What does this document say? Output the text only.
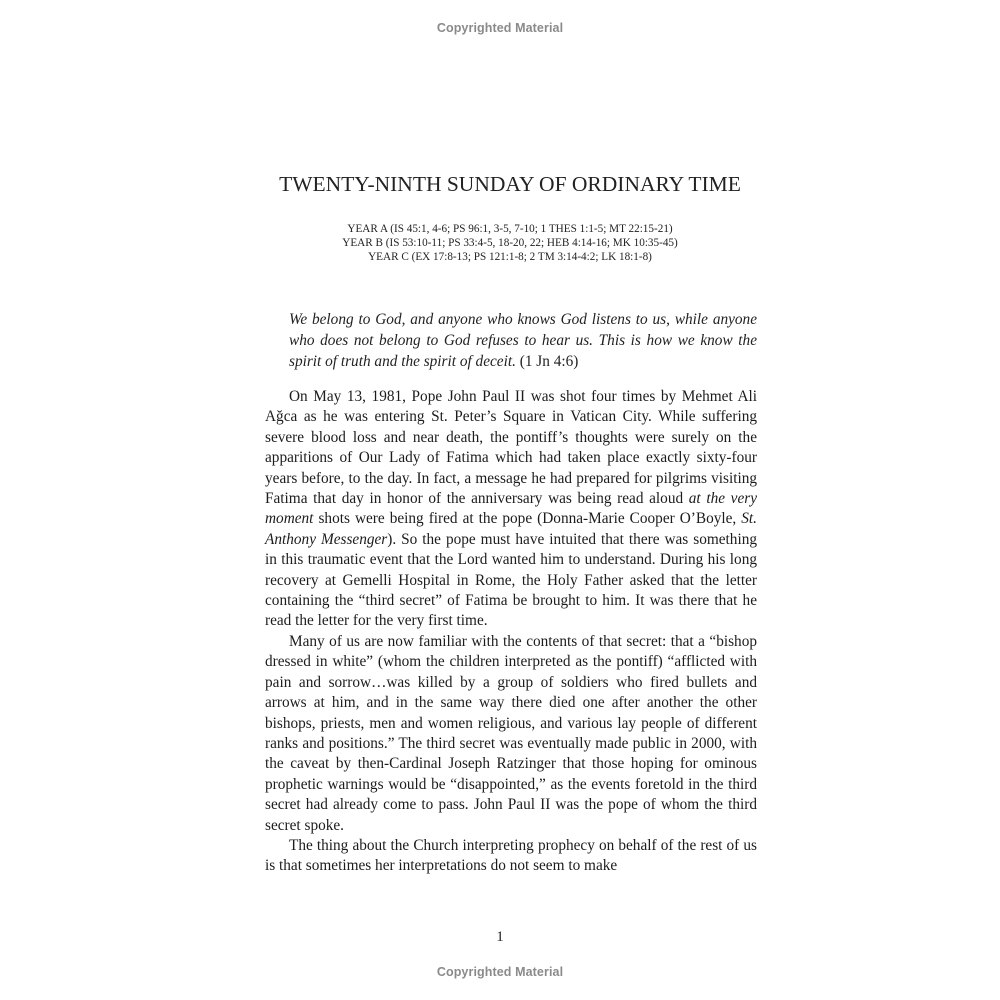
Copyrighted Material
TWENTY-NINTH SUNDAY OF ORDINARY TIME
YEAR A (IS 45:1, 4-6; PS 96:1, 3-5, 7-10; 1 THES 1:1-5; MT 22:15-21)
YEAR B (IS 53:10-11; PS 33:4-5, 18-20, 22; HEB 4:14-16; MK 10:35-45)
YEAR C (EX 17:8-13; PS 121:1-8; 2 TM 3:14-4:2; LK 18:1-8)
We belong to God, and anyone who knows God listens to us, while anyone who does not belong to God refuses to hear us. This is how we know the spirit of truth and the spirit of deceit. (1 Jn 4:6)

On May 13, 1981, Pope John Paul II was shot four times by Mehmet Ali Ağca as he was entering St. Peter’s Square in Vatican City. While suffering severe blood loss and near death, the pontiff’s thoughts were surely on the apparitions of Our Lady of Fatima which had taken place exactly sixty-four years before, to the day. In fact, a message he had prepared for pilgrims visiting Fatima that day in honor of the anniversary was being read aloud at the very moment shots were being fired at the pope (Donna-Marie Cooper O’Boyle, St. Anthony Messenger). So the pope must have intuited that there was something in this traumatic event that the Lord wanted him to understand. During his long recovery at Gemelli Hospital in Rome, the Holy Father asked that the letter containing the “third secret” of Fatima be brought to him. It was there that he read the letter for the very first time.

Many of us are now familiar with the contents of that secret: that a “bishop dressed in white” (whom the children interpreted as the pontiff) “afflicted with pain and sorrow…was killed by a group of soldiers who fired bullets and arrows at him, and in the same way there died one after another the other bishops, priests, men and women religious, and various lay people of different ranks and positions.” The third secret was eventually made public in 2000, with the caveat by then-Cardinal Joseph Ratzinger that those hoping for ominous prophetic warnings would be “disappointed,” as the events foretold in the third secret had already come to pass. John Paul II was the pope of whom the third secret spoke.

The thing about the Church interpreting prophecy on behalf of the rest of us is that sometimes her interpretations do not seem to make

1
Copyrighted Material
